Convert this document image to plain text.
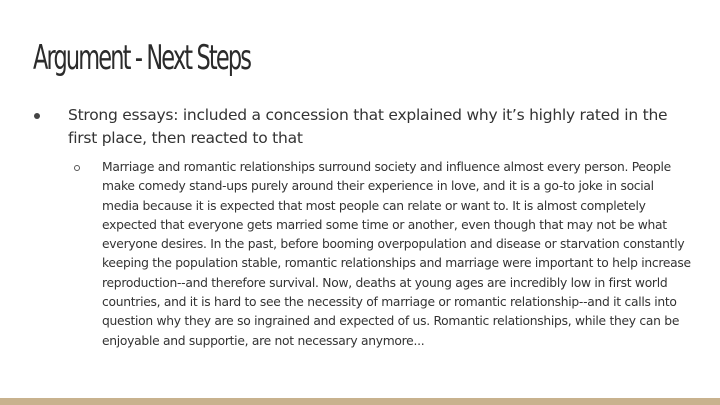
Argument - Next Steps
Strong essays: included a concession that explained why it’s highly rated in the first place, then reacted to that
Marriage and romantic relationships surround society and influence almost every person. People make comedy stand-ups purely around their experience in love, and it is a go-to joke in social media because it is expected that most people can relate or want to. It is almost completely expected that everyone gets married some time or another, even though that may not be what everyone desires. In the past, before booming overpopulation and disease or starvation constantly keeping the population stable, romantic relationships and marriage were important to help increase reproduction--and therefore survival. Now, deaths at young ages are incredibly low in first world countries, and it is hard to see the necessity of marriage or romantic relationship--and it calls into question why they are so ingrained and expected of us. Romantic relationships, while they can be enjoyable and supportie, are not necessary anymore...
